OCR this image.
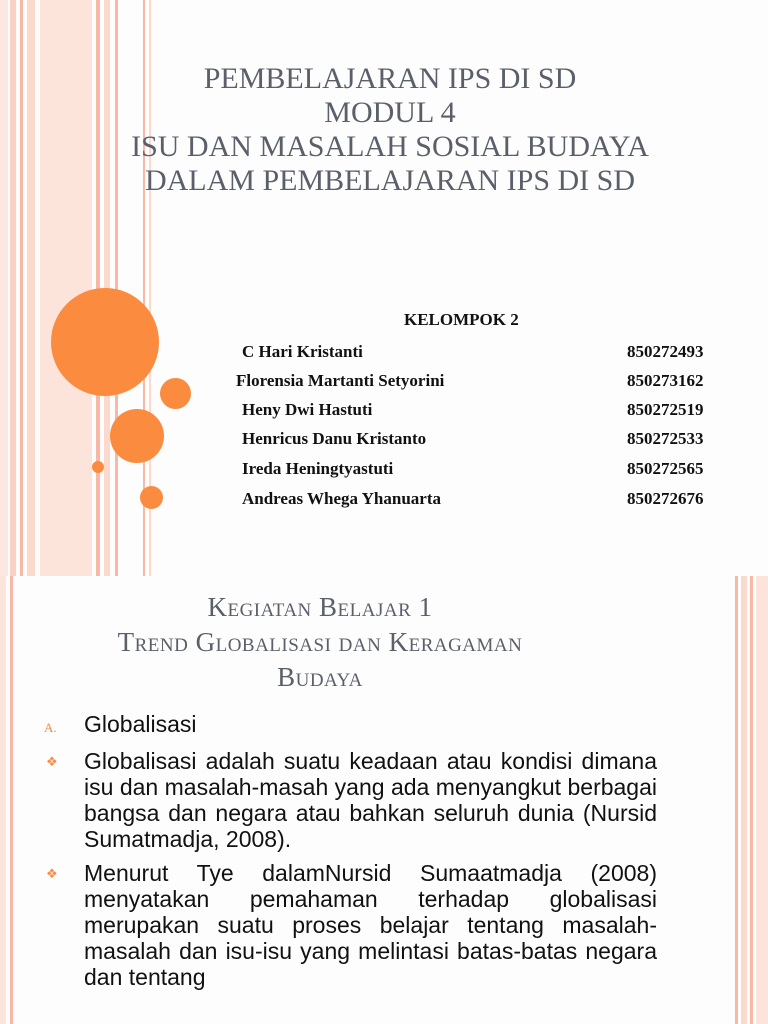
PEMBELAJARAN IPS DI SD
MODUL 4
ISU DAN MASALAH SOSIAL BUDAYA
DALAM PEMBELAJARAN IPS DI SD
KELOMPOK 2
C Hari Kristanti	850272493
Florensia Martanti Setyorini	850273162
Heny Dwi Hastuti	850272519
Henricus Danu Kristanto	850272533
Ireda Heningtyastuti	850272565
Andreas Whega Yhanuarta	850272676
Kegiatan Belajar 1
Trend Globalisasi dan Keragaman
Budaya
A.	Globalisasi
❖	Globalisasi adalah suatu keadaan atau kondisi dimana isu dan masalah-masah yang ada menyangkut berbagai bangsa dan negara atau bahkan seluruh dunia (Nursid Sumatmadja, 2008).
❖	Menurut Tye dalamNursid Sumaatmadja (2008) menyatakan pemahaman terhadap globalisasi merupakan suatu proses belajar tentang masalah-masalah dan isu-isu yang melintasi batas-batas negara dan tentang
